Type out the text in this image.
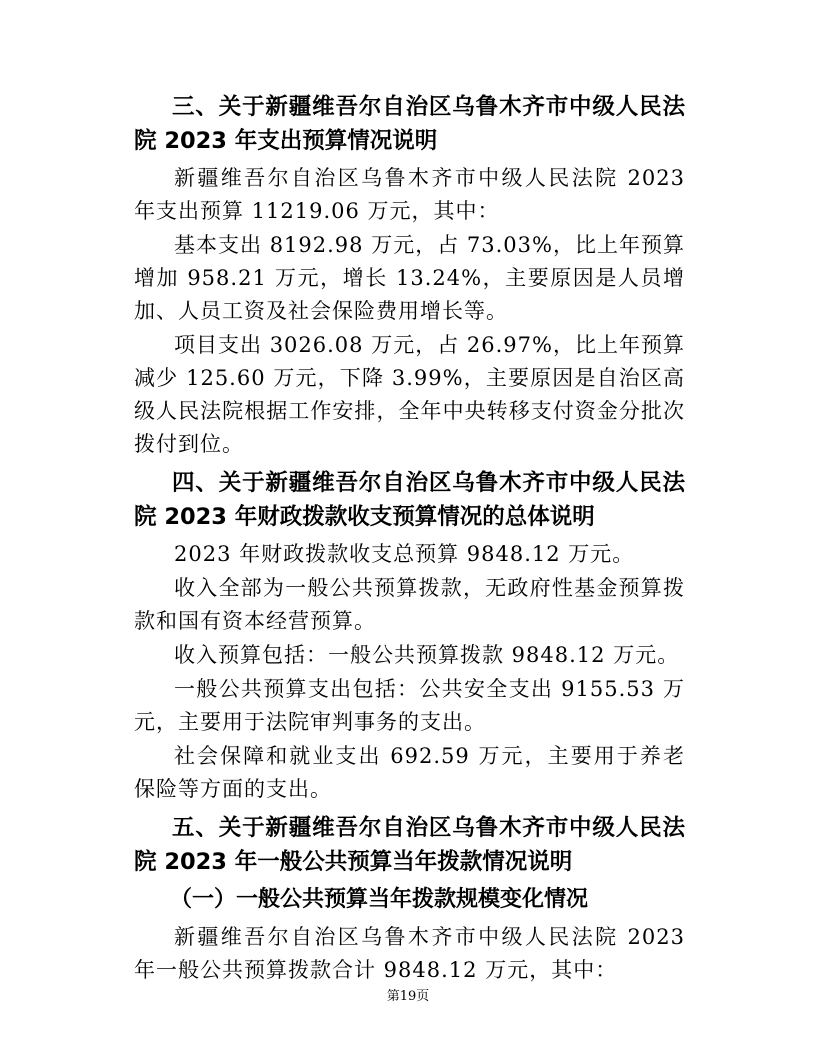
三、关于新疆维吾尔自治区乌鲁木齐市中级人民法院 2023 年支出预算情况说明

新疆维吾尔自治区乌鲁木齐市中级人民法院 2023 年支出预算 11219.06 万元，其中：

基本支出 8192.98 万元，占 73.03%，比上年预算增加 958.21 万元，增长 13.24%，主要原因是人员增加、人员工资及社会保险费用增长等。

项目支出 3026.08 万元，占 26.97%，比上年预算减少 125.60 万元，下降 3.99%，主要原因是自治区高级人民法院根据工作安排，全年中央转移支付资金分批次拨付到位。

四、关于新疆维吾尔自治区乌鲁木齐市中级人民法院 2023 年财政拨款收支预算情况的总体说明

2023 年财政拨款收支总预算 9848.12 万元。

收入全部为一般公共预算拨款，无政府性基金预算拨款和国有资本经营预算。

收入预算包括：一般公共预算拨款 9848.12 万元。

一般公共预算支出包括：公共安全支出 9155.53 万元，主要用于法院审判事务的支出。

社会保障和就业支出 692.59 万元，主要用于养老保险等方面的支出。

五、关于新疆维吾尔自治区乌鲁木齐市中级人民法院 2023 年一般公共预算当年拨款情况说明
（一）一般公共预算当年拨款规模变化情况

新疆维吾尔自治区乌鲁木齐市中级人民法院 2023 年一般公共预算拨款合计 9848.12 万元，其中：

第19页
